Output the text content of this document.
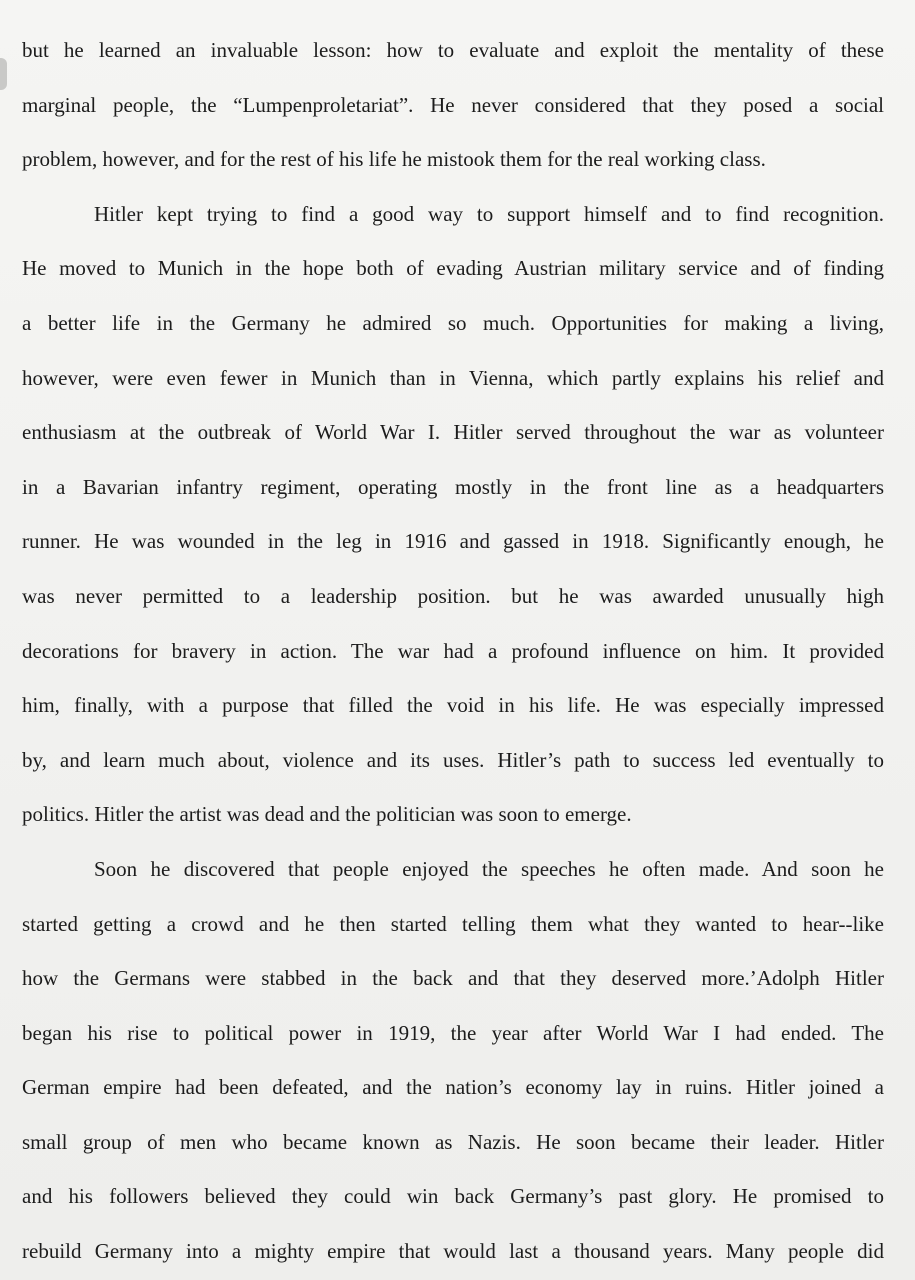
but he learned an invaluable lesson: how to evaluate and exploit the mentality of these
marginal people, the “Lumpenproletariat”. He never considered that they posed a social
problem, however, and for the rest of his life he mistook them for the real working class.

Hitler kept trying to find a good way to support himself and to find recognition.
He moved to Munich in the hope both of evading Austrian military service and of finding
a better life in the Germany he admired so much. Opportunities for making a living,
however, were even fewer in Munich than in Vienna, which partly explains his relief and
enthusiasm at the outbreak of World War I. Hitler served throughout the war as volunteer
in a Bavarian infantry regiment, operating mostly in the front line as a headquarters
runner. He was wounded in the leg in 1916 and gassed in 1918. Significantly enough, he
was never permitted to a leadership position. but he was awarded unusually high
decorations for bravery in action. The war had a profound influence on him. It provided
him, finally, with a purpose that filled the void in his life. He was especially impressed
by, and learn much about, violence and its uses. Hitler’s path to success led eventually to
politics. Hitler the artist was dead and the politician was soon to emerge.

Soon he discovered that people enjoyed the speeches he often made. And soon he
started getting a crowd and he then started telling them what they wanted to hear--like
how the Germans were stabbed in the back and that they deserved more.’Adolph Hitler
began his rise to political power in 1919, the year after World War I had ended. The
German empire had been defeated, and the nation’s economy lay in ruins. Hitler joined a
small group of men who became known as Nazis. He soon became their leader. Hitler
and his followers believed they could win back Germany’s past glory. He promised to
rebuild Germany into a mighty empire that would last a thousand years. Many people did
